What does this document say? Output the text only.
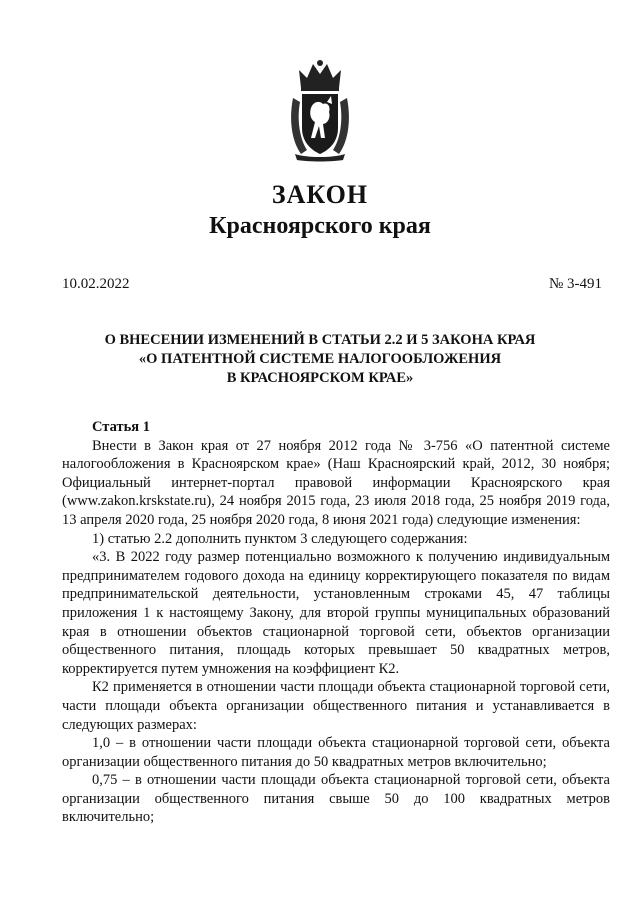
ЗАКОН
Красноярского края
10.02.2022	№ 3-491
О ВНЕСЕНИИ ИЗМЕНЕНИЙ В СТАТЬИ 2.2 И 5 ЗАКОНА КРАЯ
«О ПАТЕНТНОЙ СИСТЕМЕ НАЛОГООБЛОЖЕНИЯ
В КРАСНОЯРСКОМ КРАЕ»

Статья 1

Внести в Закон края от 27 ноября 2012 года № 3-756 «О патентной системе налогообложения в Красноярском крае» (Наш Красноярский край, 2012, 30 ноября; Официальный интернет-портал правовой информации Красноярского края (www.zakon.krskstate.ru), 24 ноября 2015 года, 23 июля 2018 года, 25 ноября 2019 года, 13 апреля 2020 года, 25 ноября 2020 года, 8 июня 2021 года) следующие изменения:

1) статью 2.2 дополнить пунктом 3 следующего содержания:

«3. В 2022 году размер потенциально возможного к получению индивидуальным предпринимателем годового дохода на единицу корректирующего показателя по видам предпринимательской деятельности, установленным строками 45, 47 таблицы приложения 1 к настоящему Закону, для второй группы муниципальных образований края в отношении объектов стационарной торговой сети, объектов организации общественного питания, площадь которых превышает 50 квадратных метров, корректируется путем умножения на коэффициент К2.

К2 применяется в отношении части площади объекта стационарной торговой сети, части площади объекта организации общественного питания и устанавливается в следующих размерах:

1,0 – в отношении части площади объекта стационарной торговой сети, объекта организации общественного питания до 50 квадратных метров включительно;

0,75 – в отношении части площади объекта стационарной торговой сети, объекта организации общественного питания свыше 50 до 100 квадратных метров включительно;
